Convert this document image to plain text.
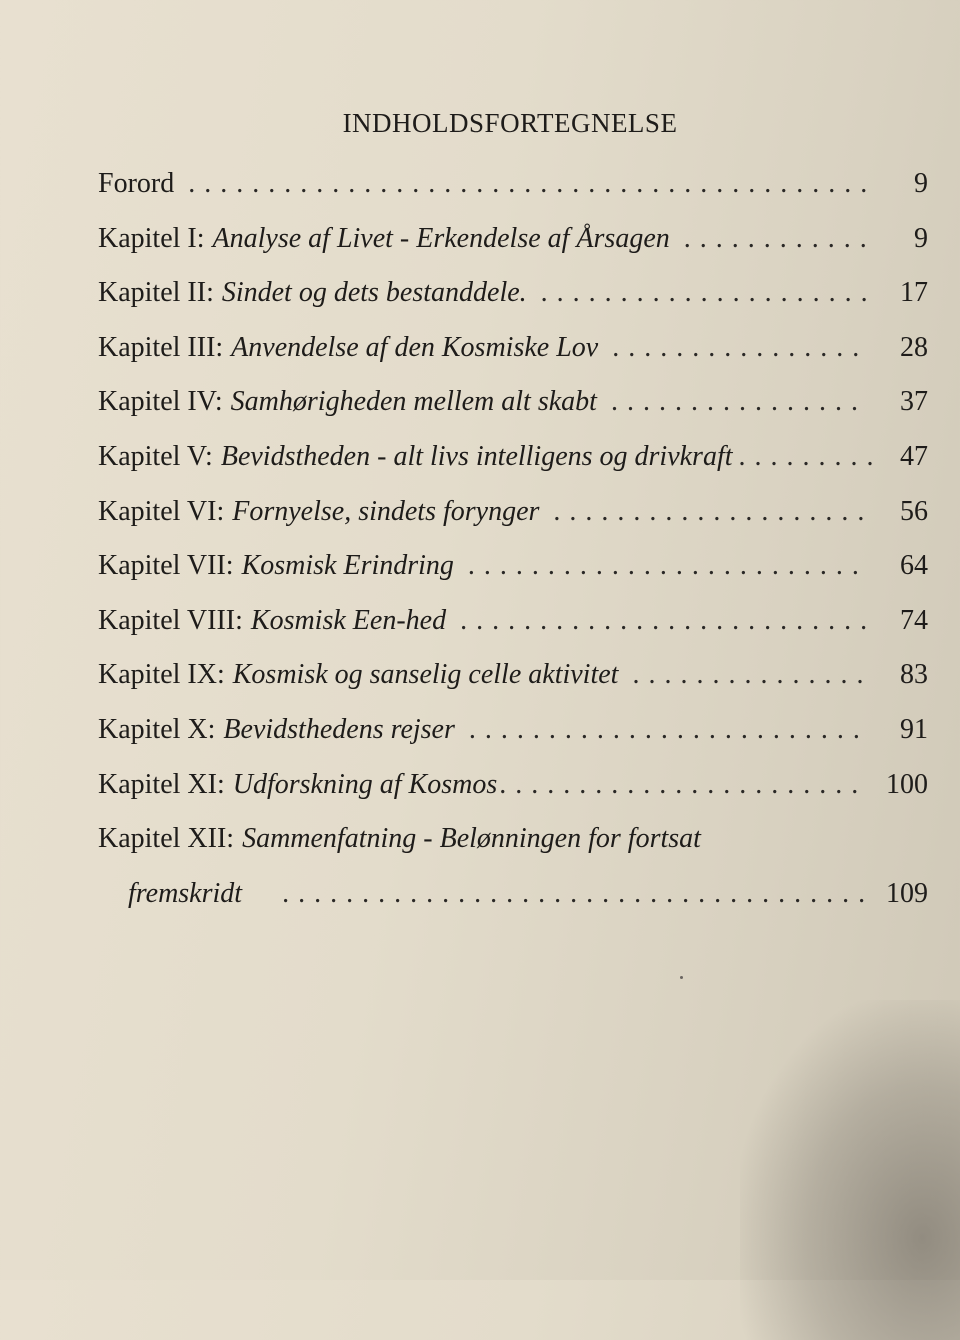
INDHOLDSFORTEGNELSE
Forord . . .	9
Kapitel I: Analyse af Livet - Erkendelse af Årsagen . . .	9
Kapitel II: Sindet og dets bestanddele. . . .	17
Kapitel III: Anvendelse af den Kosmiske Lov . . .	28
Kapitel IV: Samhørigheden mellem alt skabt . . .	37
Kapitel V: Bevidstheden - alt livs intelligens og drivkraft . . .	47
Kapitel VI: Fornyelse, sindets forynger . . .	56
Kapitel VII: Kosmisk Erindring . . .	64
Kapitel VIII: Kosmisk Een-hed . . .	74
Kapitel IX: Kosmisk og sanselig celle aktivitet . . .	83
Kapitel X: Bevidsthedens rejser . . .	91
Kapitel XI: Udforskning af Kosmos . . .	100
Kapitel XII: Sammenfatning - Belønningen for fortsat
fremskridt . . .	109
